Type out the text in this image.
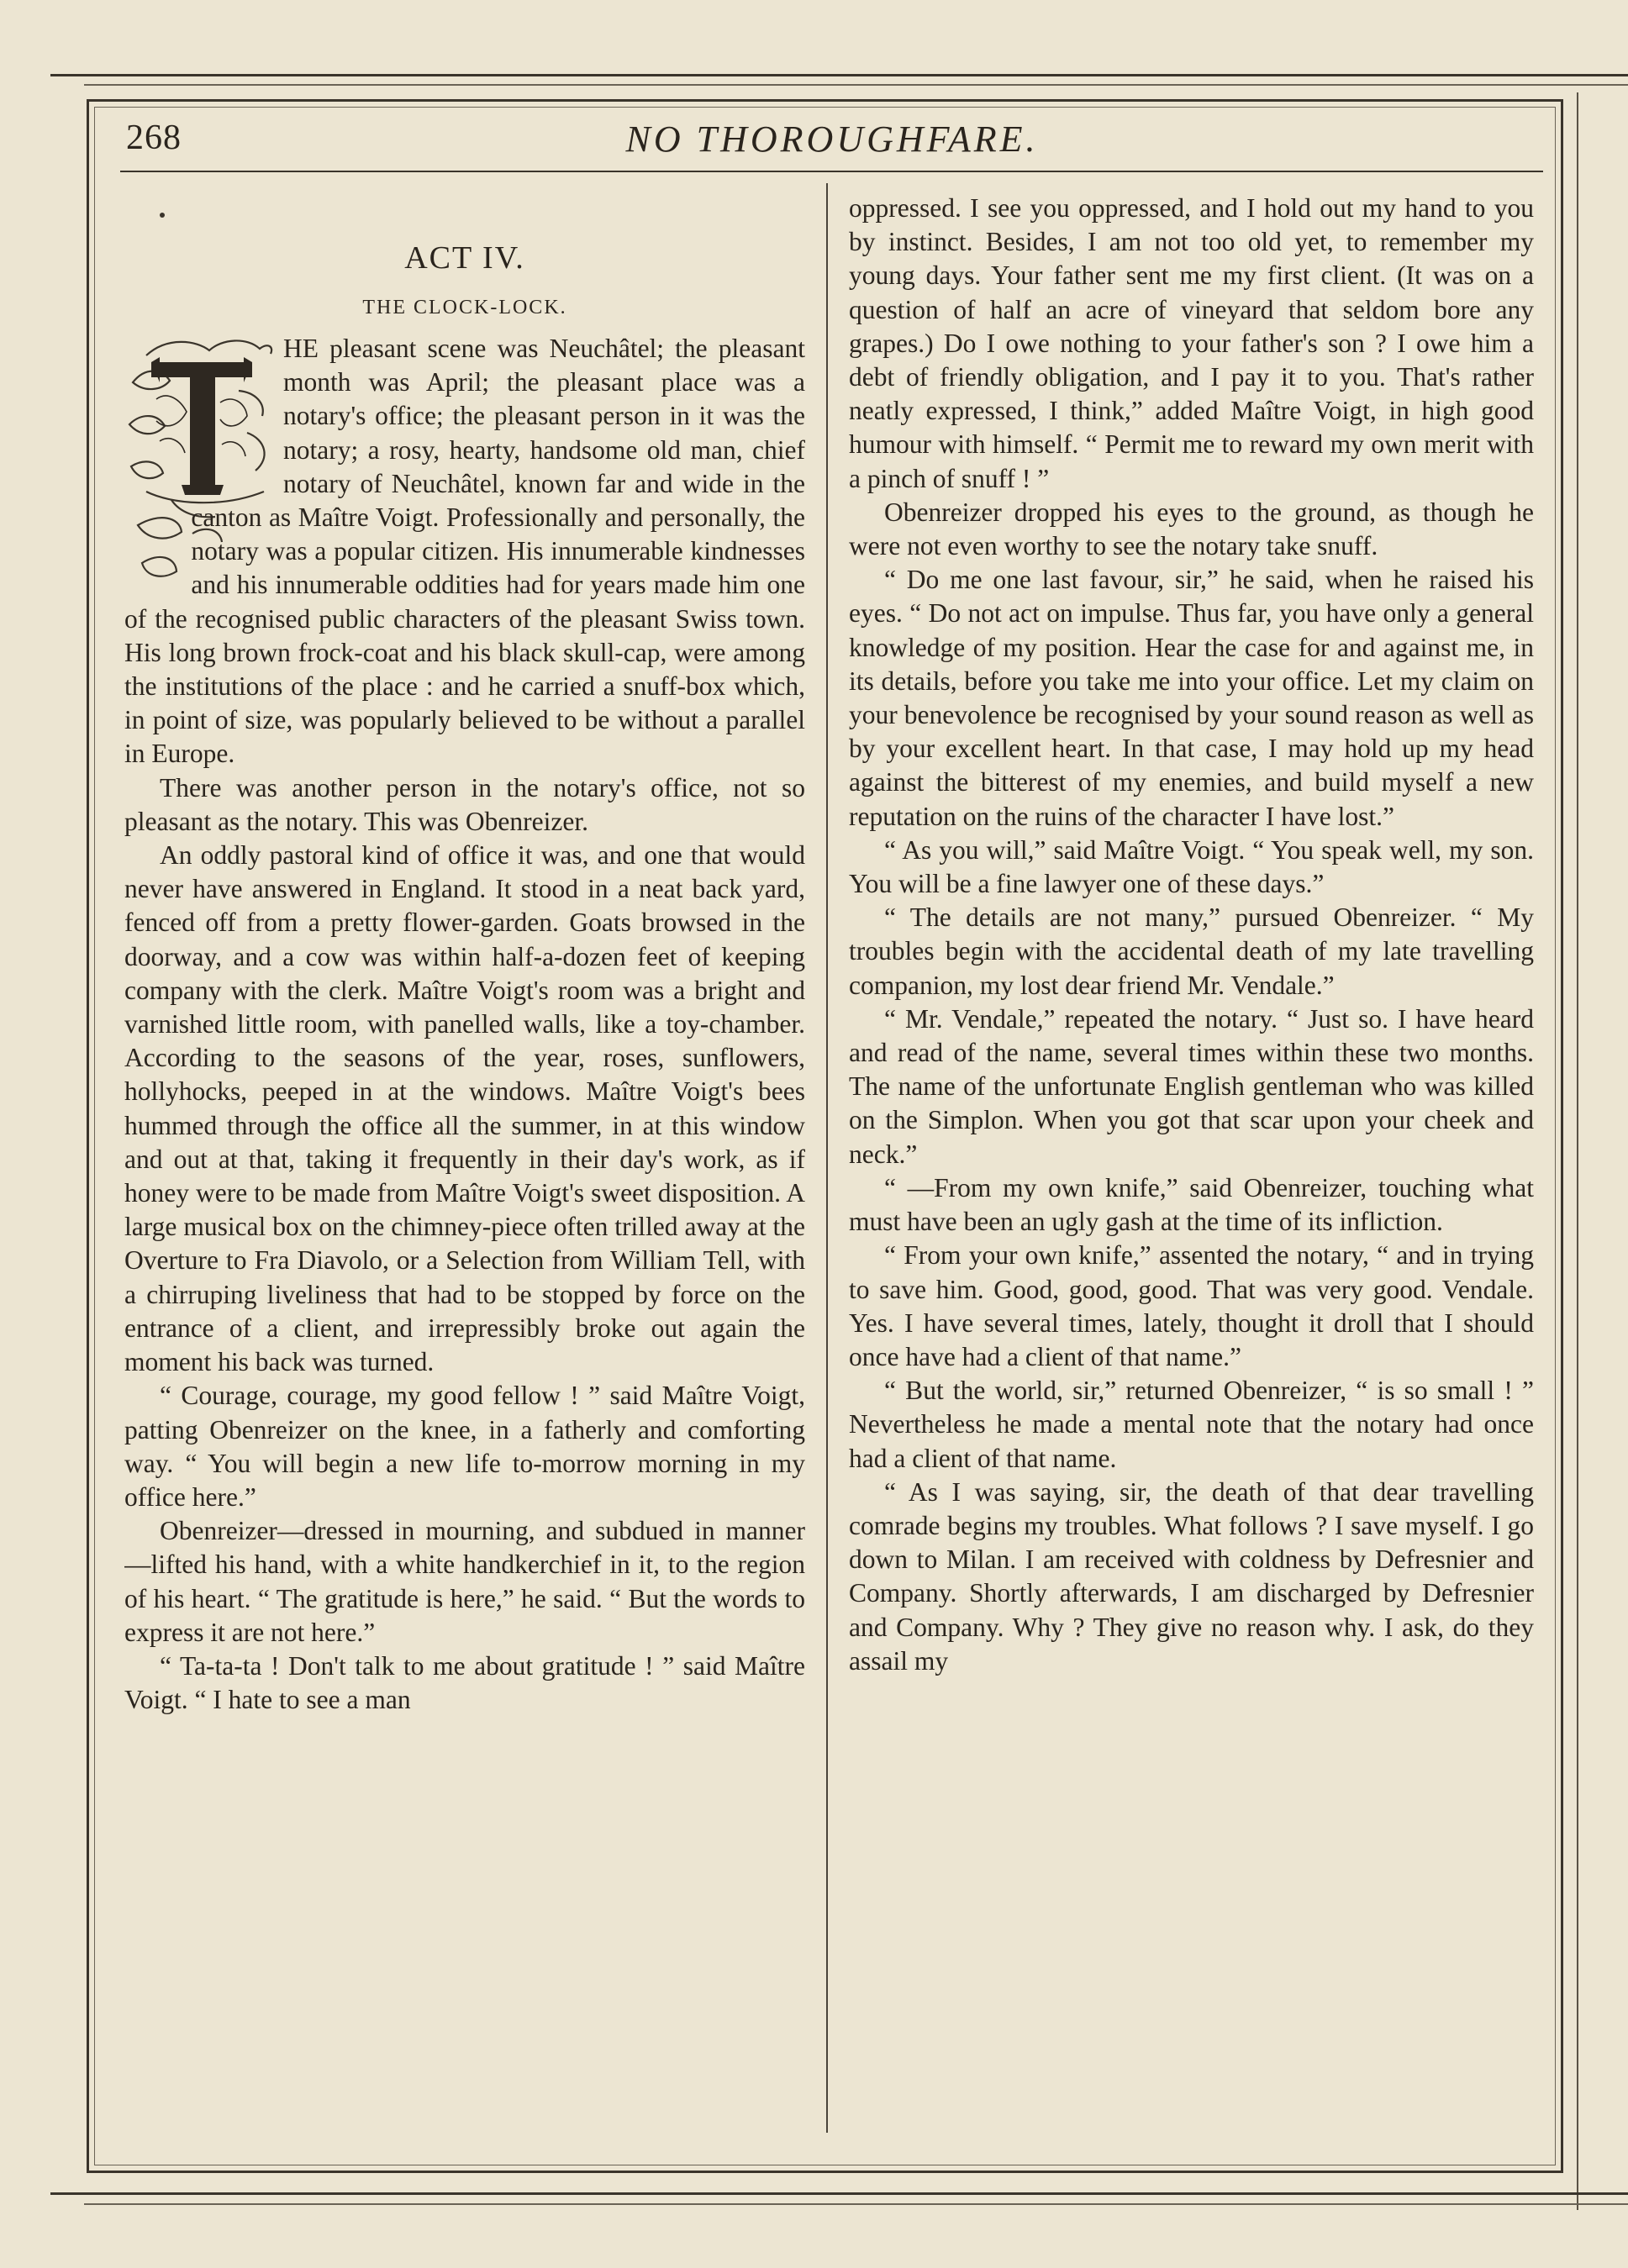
268	NO THOROUGHFARE.
ACT IV.
THE CLOCK-LOCK.

HE pleasant scene was Neuchâtel; the pleasant month was April; the pleasant place was a notary's office; the pleasant person in it was the notary; a rosy, hearty, handsome old man, chief notary of Neuchâtel, known far and wide in the canton as Maître Voigt. Professionally and personally, the notary was a popular citizen. His innumerable kindnesses and his innumerable oddities had for years made him one of the recognised public characters of the pleasant Swiss town. His long brown frock-coat and his black skull-cap, were among the institutions of the place : and he carried a snuff-box which, in point of size, was popularly believed to be without a parallel in Europe.

There was another person in the notary's office, not so pleasant as the notary. This was Obenreizer.

An oddly pastoral kind of office it was, and one that would never have answered in England. It stood in a neat back yard, fenced off from a pretty flower-garden. Goats browsed in the doorway, and a cow was within half-a-dozen feet of keeping company with the clerk. Maître Voigt's room was a bright and varnished little room, with panelled walls, like a toy-chamber. According to the seasons of the year, roses, sunflowers, hollyhocks, peeped in at the windows. Maître Voigt's bees hummed through the office all the summer, in at this window and out at that, taking it frequently in their day's work, as if honey were to be made from Maître Voigt's sweet disposition. A large musical box on the chimney-piece often trilled away at the Overture to Fra Diavolo, or a Selection from William Tell, with a chirruping liveliness that had to be stopped by force on the entrance of a client, and irrepressibly broke out again the moment his back was turned.

“ Courage, courage, my good fellow ! ” said Maître Voigt, patting Obenreizer on the knee, in a fatherly and comforting way. “ You will begin a new life to-morrow morning in my office here.”

Obenreizer—dressed in mourning, and subdued in manner—lifted his hand, with a white handkerchief in it, to the region of his heart. “ The gratitude is here,” he said. “ But the words to express it are not here.”

“ Ta-ta-ta ! Don't talk to me about gratitude ! ” said Maître Voigt. “ I hate to see a man

oppressed. I see you oppressed, and I hold out my hand to you by instinct. Besides, I am not too old yet, to remember my young days. Your father sent me my first client. (It was on a question of half an acre of vineyard that seldom bore any grapes.) Do I owe nothing to your father's son ? I owe him a debt of friendly obligation, and I pay it to you. That's rather neatly expressed, I think,” added Maître Voigt, in high good humour with himself. “ Permit me to reward my own merit with a pinch of snuff ! ”

Obenreizer dropped his eyes to the ground, as though he were not even worthy to see the notary take snuff.

“ Do me one last favour, sir,” he said, when he raised his eyes. “ Do not act on impulse. Thus far, you have only a general knowledge of my position. Hear the case for and against me, in its details, before you take me into your office. Let my claim on your benevolence be recognised by your sound reason as well as by your excellent heart. In that case, I may hold up my head against the bitterest of my enemies, and build myself a new reputation on the ruins of the character I have lost.”

“ As you will,” said Maître Voigt. “ You speak well, my son. You will be a fine lawyer one of these days.”

“ The details are not many,” pursued Obenreizer. “ My troubles begin with the accidental death of my late travelling companion, my lost dear friend Mr. Vendale.”

“ Mr. Vendale,” repeated the notary. “ Just so. I have heard and read of the name, several times within these two months. The name of the unfortunate English gentleman who was killed on the Simplon. When you got that scar upon your cheek and neck.”

“ —From my own knife,” said Obenreizer, touching what must have been an ugly gash at the time of its infliction.

“ From your own knife,” assented the notary, “ and in trying to save him. Good, good, good. That was very good. Vendale. Yes. I have several times, lately, thought it droll that I should once have had a client of that name.”

“ But the world, sir,” returned Obenreizer, “ is so small ! ” Nevertheless he made a mental note that the notary had once had a client of that name.

“ As I was saying, sir, the death of that dear travelling comrade begins my troubles. What follows ? I save myself. I go down to Milan. I am received with coldness by Defresnier and Company. Shortly afterwards, I am discharged by Defresnier and Company. Why ? They give no reason why. I ask, do they assail my
